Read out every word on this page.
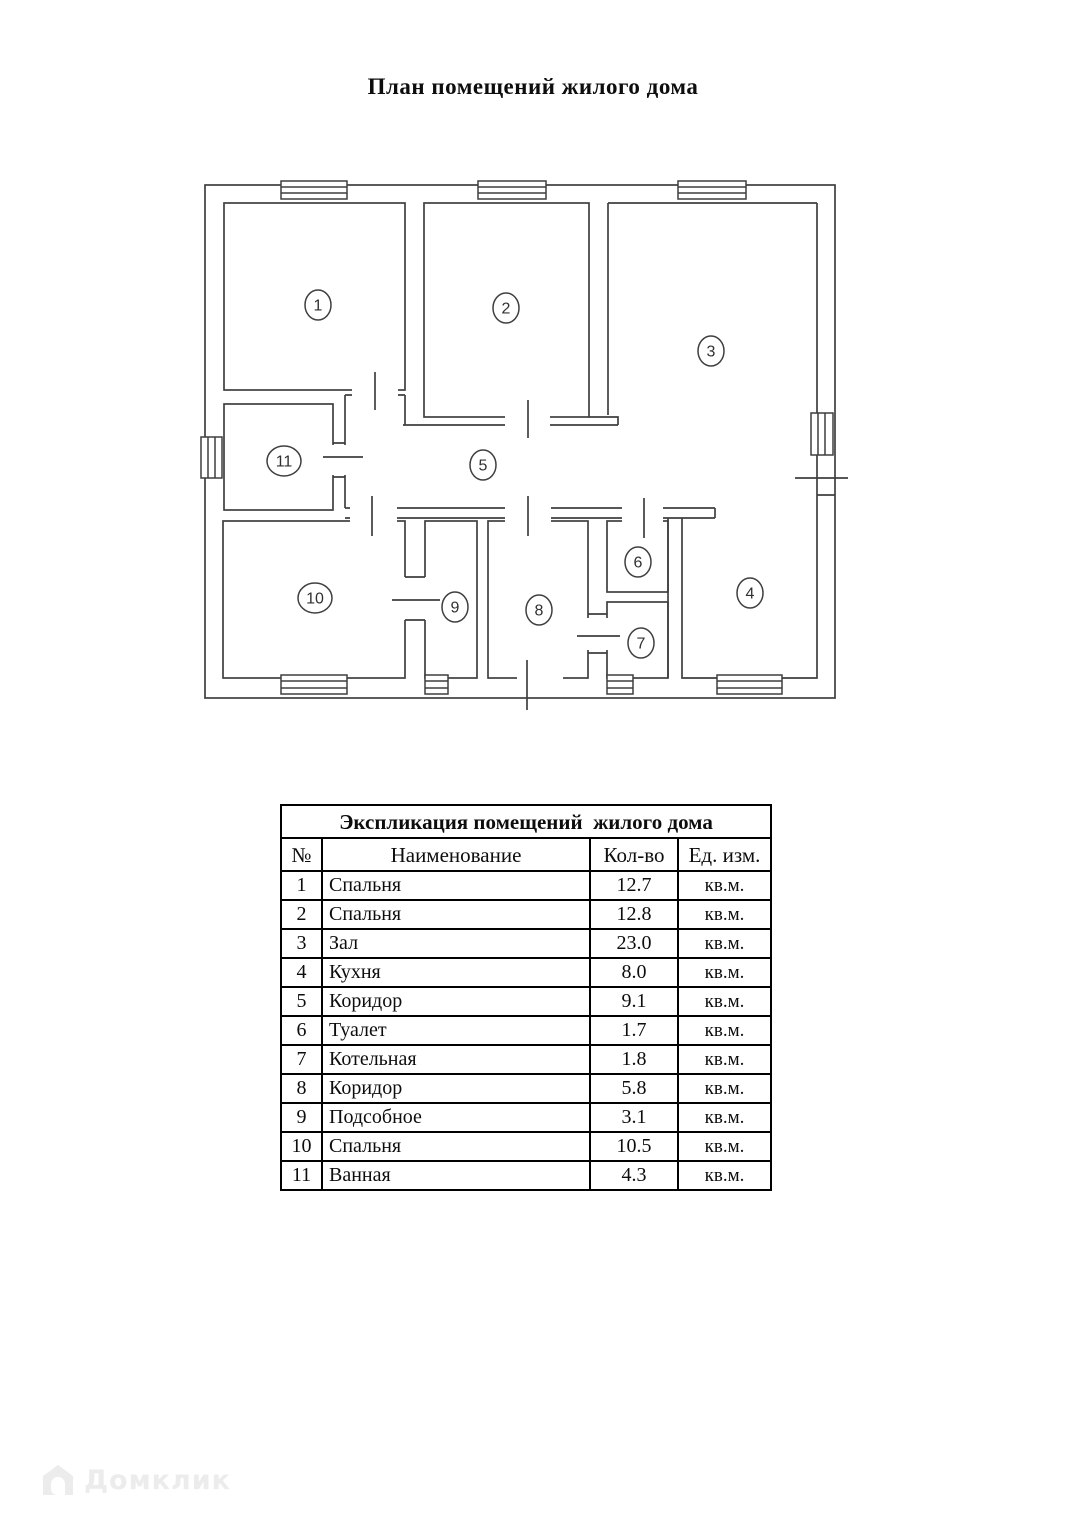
План помещений жилого дома
1	2
3
4
5
6
7
8
9
10
11
Экспликация помещений  жилого дома			
№	Наименование	Кол-во	Ед. изм.
1	Спальня	12.7	кв.м.
2	Спальня	12.8	кв.м.
3	Зал	23.0	кв.м.
4	Кухня	8.0	кв.м.
5	Коридор	9.1	кв.м.
6	Туалет	1.7	кв.м.
7	Котельная	1.8	кв.м.
8	Коридор	5.8	кв.м.
9	Подсобное	3.1	кв.м.
10	Спальня	10.5	кв.м.
11	Ванная	4.3	кв.м.
Домклик
